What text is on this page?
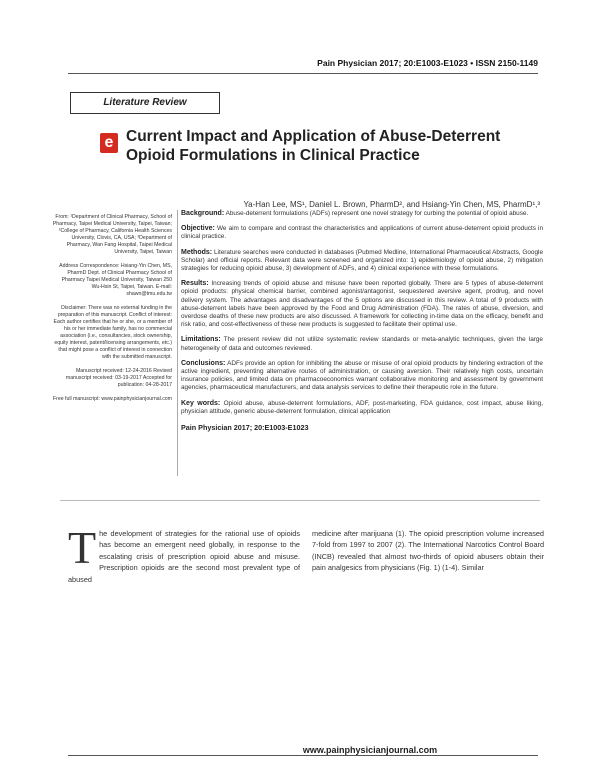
Pain Physician 2017; 20:E1003-E1023 • ISSN 2150-1149
Literature Review
e Current Impact and Application of Abuse-Deterrent Opioid Formulations in Clinical Practice
Ya-Han Lee, MS¹, Daniel L. Brown, PharmD², and Hsiang-Yin Chen, MS, PharmD¹,³

From: ¹Department of Clinical Pharmacy, School of Pharmacy, Taipei Medical University, Taipei, Taiwan; ²College of Pharmacy, California Health Sciences University, Clovis, CA, USA; ³Department of Pharmacy, Wan Fang Hospital, Taipei Medical University, Taipei, Taiwan

Address Correspondence: Hsiang-Yin Chen, MS, PharmD Dept. of Clinical Pharmacy School of Pharmacy Taipei Medical University, Taiwan 250 Wu-Hsin St, Taipei, Taiwan. E-mail: shawn@tmu.edu.tw

Disclaimer: There was no external funding in the preparation of this manuscript. Conflict of interest: Each author certifies that he or she, or a member of his or her immediate family, has no commercial association (i.e., consultancies, stock ownership, equity interest, patent/licensing arrangements, etc.) that might pose a conflict of interest in connection with the submitted manuscript.

Manuscript received: 12-24-2016 Revised manuscript received: 03-19-2017 Accepted for publication: 04-28-2017

Free full manuscript: www.painphysicianjournal.com

Background: Abuse-deterrent formulations (ADFs) represent one novel strategy for curbing the potential of opioid abuse.

Objective: We aim to compare and contrast the characteristics and applications of current abuse-deterrent opioid products in clinical practice.

Methods: Literature searches were conducted in databases (Pubmed Medline, International Pharmaceutical Abstracts, Google Scholar) and official reports. Relevant data were screened and organized into: 1) epidemiology of opioid abuse, 2) mitigation strategies for reducing opioid abuse, 3) development of ADFs, and 4) clinical experience with these formulations.

Results: Increasing trends of opioid abuse and misuse have been reported globally. There are 5 types of abuse-deterrent opioid products: physical chemical barrier, combined agonist/antagonist, sequestered aversive agent, prodrug, and novel delivery system. The advantages and disadvantages of the 5 options are discussed in this review. A total of 9 products with abuse-deterrent labels have been approved by the Food and Drug Administration (FDA). The rates of abuse, diversion, and overdose deaths of these new products are also discussed. A framework for collecting in-time data on the efficacy, benefit and risk ratio, and cost-effectiveness of these new products is suggested to facilitate their optimal use.

Limitations: The present review did not utilize systematic review standards or meta-analytic techniques, given the large heterogeneity of data and outcomes reviewed.

Conclusions: ADFs provide an option for inhibiting the abuse or misuse of oral opioid products by hindering extraction of the active ingredient, preventing alternative routes of administration, or causing aversion. Their relatively high costs, uncertain insurance policies, and limited data on pharmacoeconomics warrant collaborative monitoring and assessment by government agencies, pharmaceutical manufacturers, and data analysis services to define their therapeutic role in the future.

Key words: Opioid abuse, abuse-deterrent formulations, ADF, post-marketing, FDA guidance, cost impact, abuse liking, physician attitude, generic abuse-deterrent formulation, clinical application

Pain Physician 2017; 20:E1003-E1023
The development of strategies for the rational use of opioids has become an emergent need globally, in response to the escalating crisis of prescription opioid abuse and misuse. Prescription opioids are the second most prevalent type of abused
medicine after marijuana (1). The opioid prescription volume increased 7-fold from 1997 to 2007 (2). The International Narcotics Control Board (INCB) revealed that almost two-thirds of opioid abusers obtain their pain analgesics from physicians (Fig. 1) (1-4). Similar
www.painphysicianjournal.com
